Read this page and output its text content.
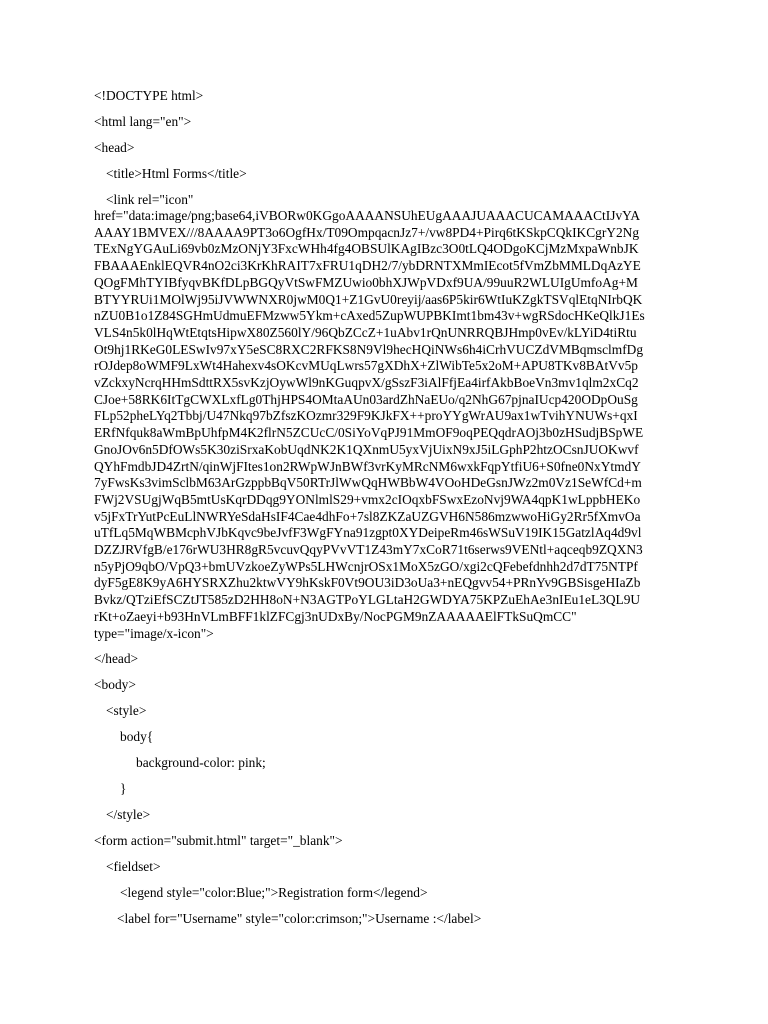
<!DOCTYPE html>
<html lang="en">
<head>
<title>Html Forms</title>
<link rel="icon"
href="data:image/png;base64,iVBORw0KGgoAAAANSUhEUgAAAJUAAACUCAMAAACtIJvYA
AAAY1BMVEX///8AAAA9PT3o6OgfHx/T09OmpqacnJz7+/vw8PD4+Pirq6tKSkpCQkIKCgrY2Ng
TExNgYGAuLi69vb0zMzONjY3FxcWHh4fg4OBSUlKAgIBzc3O0tLQ4ODgoKCjMzMxpaWnbJK
FBAAAEnklEQVR4nO2ci3KrKhRAIT7xFRU1qDH2/7/ybDRNTXMmIEcot5fVmZbMMLDqAzYE
QOgFMhTYIBfyqvBKfDLpBGQyVtSwFMZUwio0bhXJWpVDxf9UA/99uuR2WLUIgUmfoAg+M
BTYYRUi1MOlWj95iJVWWNXR0jwM0Q1+Z1GvU0reyij/aas6P5kir6WtIuKZgkTSVqlEtqNIrbQK
nZU0B1o1Z84SGHmUdmuEFMzww5Ykm+cAxed5ZupWUPBKImt1bm43v+wgRSdocHKeQlkJ1Es
VLS4n5k0lHqWtEtqtsHipwX80Z560lY/96QbZCcZ+1uAbv1rQnUNRRQBJHmp0vEv/kLYiD4tiRtu
Ot9hj1RKeG0LESwIv97xY5eSC8RXC2RFKS8N9Vl9hecHQiNWs6h4iCrhVUCZdVMBqmsclmfDg
rOJdep8oWMF9LxWt4Hahexv4sOKcvMUqLwrs57gXDhX+ZlWibTe5x2oM+APU8TKv8BAtVv5p
vZckxyNcrqHHmSdttRX5svKzjOywWl9nKGuqpvX/gSszF3iAlFfjEa4irfAkbBoeVn3mv1qlm2xCq2
CJoe+58RK6ItTgCWXLxfLg0ThjHPS4OMtaAUn03ardZhNaEUo/q2NhG67pjnaIUcp420ODpOuSg
FLp52pheLYq2Tbbj/U47Nkq97bZfszKOzmr329F9KJkFX++proYYgWrAU9ax1wTvihYNUWs+qxI
ERfNfquk8aWmBpUhfpM4K2flrN5ZCUcC/0SiYoVqPJ91MmOF9oqPEQqdrAOj3b0zHSudjBSpWE
GnoJOv6n5DfOWs5K30ziSrxaKobUqdNK2K1QXnmU5yxVjUixN9xJ5iLGphP2htzOCsnJUOKwvf
QYhFmdbJD4ZrtN/qinWjFItes1on2RWpWJnBWf3vrKyMRcNM6wxkFqpYtfiU6+S0fne0NxYtmdY
7yFwsKs3vimSclbM63ArGzppbBqV50RTrJlWwQqHWBbW4VOoHDeGsnJWz2m0Vz1SeWfCd+m
FWj2VSUgjWqB5mtUsKqrDDqg9YONlmlS29+vmx2cIOqxbFSwxEzoNvj9WA4qpK1wLppbHEKo
v5jFxTrYutPcEuLlNWRYeSdaHsIF4Cae4dhFo+7sl8ZKZaUZGVH6N586mzwwoHiGy2Rr5fXmvOa
uTfLq5MqWBMcphVJbKqvc9beJvfF3WgFYna91zgpt0XYDeipeRm46sWSuV19IK15GatzlAq4d9vl
DZZJRVfgB/e176rWU3HR8gR5vcuvQqyPVvVT1Z43mY7xCoR71t6serws9VENtl+aqceqb9ZQXN3
n5yPjO9qbO/VpQ3+bmUVzkoeZyWPs5LHWcnjrOSx1MoX5zGO/xgi2cQFebefdnhh2d7dT75NTPf
dyF5gE8K9yA6HYSRXZhu2ktwVY9hKskF0Vt9OU3iD3oUa3+nEQgvv54+PRnYv9GBSisgeHIaZb
Bvkz/QTziEfSCZtJT585zD2HH8oN+N3AGTPoYLGLtaH2GWDYA75KPZuEhAe3nIEu1eL3QL9U
rKt+oZaeyi+b93HnVLmBFF1klZFCgj3nUDxBy/NocPGM9nZAAAAAElFTkSuQmCC"
type="image/x-icon">
</head>
<body>
<style>
body{
background-color: pink;
}
</style>
<form action="submit.html" target="_blank">
<fieldset>
<legend style="color:Blue;">Registration form</legend>
<label for="Username" style="color:crimson;">Username :</label>
